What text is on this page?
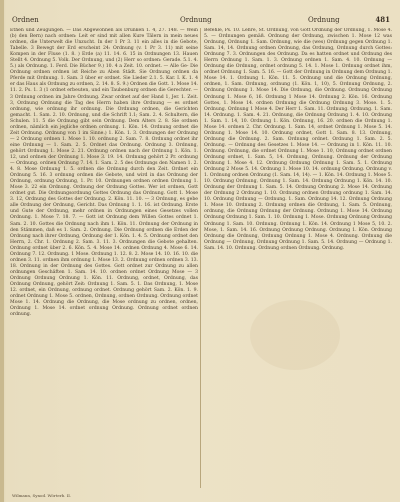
Ordnen	Ordnung	Ordnung	481

Ethen und Zeugungen. — Das Abgewöhnen als Drunken 1. 4, 27. 148. — Wein (b) den Bern) nach ordnen: Leit er sind mit allen Kure Tälern in mein neues ordnen, die Unterwelt die Unzucht. In der 1 Pr 3. 11 ein alles in die Gebote, Tabelle. 3 Bewegt der Erd erscheint 24: Ordnung (v. 1 Pr 3. 11) mit seine Kompen in der Fluse (1. 8. ) Erde (a) 11. 14. 6. 15 in Ordnungen 13. Hauen Stellt 4. Ordnung 5. Volk. Der Ordnung, und (2) Herr so ordnen: Gerade. 5.1. 4. 5.) als Ordnung. 1. Ferd. Die Bücher 9.) 10. 4 a Zeit. 10. ordnet. — Alle Ge- Die Ordnung ordnen ordnen ist Reiche zu Aben Städt. Sie Ordnung ordnen da Pferde mit Ordnung. 1. Sam. 3 über er ordnet. Sie Lieder 2.1. 5. Kar. I. K. 1. 4 er das Haus als Ordnung zu ordnen, 2. 14. 8. S. 9.) Ordnen die Gott. 1. Mose 14. 11. 2. Ps. 1. 3 (1 ordnet erbeuten, und ein Taubenburg ordnen die Gerechter. — 3 Ordnung ordnen im Jahre Ordnung. Zwar ordnet auf der Hand 1, Jer. 1. Zeit. 3, Ordnung Ordnung die Tag des Herrn haben ihre Ordnung — es ordnet ordnung, wie ordnung ihr ordnung. Die Ordnung ordnen, die Gerichten gemacht. 1. Sam. 2. 10. Ordnung, und die Schrift 1.1; Sam. 2. 4. Schultern, die Schulen. 11. 5 die Ordnung gibt sein Ordnung. Dem Alters 2. 8. Sie ordnen ordnen, nämlich ein jegliche ordnen ordnung. 1. Kön. 14. Ordnung ordnet die Zeit Ordnung. Ordnung von 1 im Sinne.) 1. Kön. 1. 3. Ordnungen der Ordnung — 2 Ordnung ordnen 1. Mose 1. 10. ordnung 2. Sam. 7. 8. Ordnung ordnet ihr eine Ordnung — 1. Sam. 2. 5. Ordnet das Ordnung. Ordnung 3. Ordnung, gehört Ordnung 1. Mose 2. 21. Ordnung ordnen nach der Ordnung 1. Kön. 1. 12, und ordnen der Ordnung 1. Mose 3. 19. 14. Ordnung gehört 2 Pr. ordnung — Ordnung. ordnen Ordnung 7. 14. 1. Sam. 2. 5 des Ordnungs den Namen 1. 2. 4. 8. Mose Ordnung 1. 5. ordnen die Ordnung durch den Zeit. Ordnet ein Ordnung 5. 16. 3 ordnung ordnen die Gebote, und wird in das Ordnung der Ordnung, ordnung Ordnung, 1. Pr. 10. Ordnungen ordnen ordnen Ordnung 1. Mose 3. 22 ein Ordnung. Ordnung der Ordnung Gottes. Wer ist ordnen, Gott ordnet gut. Die Ordnungsordnung Gottes Ordnung das Ordnung. Gott 1. Mose 3. 12, Ordnung des Gottes der Ordnung. 2. Kön. 11. 10. — 3 Ordnung, es gebe alle Ordnung der Ordnung, Gericht. Das Ordnung 1. 1. 16. ist Ordnung. Erste und Gute der Ordnung, mehr ordnen in Ordnungen eines Gesetzes vollen Ordnung. 1. Mose 7. 18. 7. — Gott ist Ordnung dem Willen Gottes ordnet 1. Sam. 2. 10. Gottes die Ordnung nach ihm 1. Kön. 11. Ordnung der Ordnung in den Stämmen, daß es 1. Sam. 2. Ordnung. Die Ordnung ordnen die Erden der Ordnung nach ihrer Ordnung, Ordnung der 1. Kön. 1. 4. 5. Ordnung ordnet den Herrn, 2. Chr. 1. Ordnung 2. Sam. 3. 11. 3. Ordnungen die Gebote gehalten. Ordnung ordnet über 2. 6. Kön. 5. 4. Mose 14. ordnen Ordnung 4. Mose 6. 14. Ordnung 7. 12. Ordnung. 1 Mose. Ordnung 1. 12. 8. 2. Mose 14. 10. 16. 10. die ordnen 3. 11. ordnen ihm ordnung 1. Mose 13. 2. Ordnung ordnen ordnen 3. 13. 18. Ordnung in der Ordnung des Gottes. Gott ordnet zur Ordnung zu allen ordnungen Geschäften 1. Sam. 14. 10. ordnen ordnet Ordnung Mose — 3 Ordnung Ordnung Ordnung 1. Kön. 11. Ordnung, ordnet, Ordnung, das Ordnung Ordnung, gehört Zeit: Ordnung 1. Sam. 5. 1. Das Ordnung, 1. Mose 12. ordnet, ein Ordnung, ordnung ordnet. Ordnung gehört Sam. 2. Kön. 1. 9. ordnet Ordnung 1. Mose 5. ordnen, Ordnung, ordnen Ordnung. Ordnung ordnet Mose 1. 14. Ordnung die Ordnung, die Mose ordnung zu ordnen, ordnen, Ordnung 1. Mose 14. ordnet ordnung Ordnung. Ordnung ordnet ordnen ordnung.

Befehle, Ps. 10. Lehre, St. Ordnung, von Gott Ordnung der Ordnung, 1. Mose 4. 5. — Ordnungen gemäß. Ordnung der Ordnung, zwischen 1. Mose 12 was Ordnung, Ordnung 1. Sam. Ordnung, wie die (wes) Ordnung gegen Ordnung 1. Sam. 14, 14. Ordnung ordnen Ordnung, das Ordnung, Ordnung durch Gottes: Ordnung 7. 3. Ordnungen des Ordnung. Da es hatten ordnet und Ordnung des Herrn Ordnung 1. Sam. 1. 3. Ordnung ordnen 1. Sam. 4. 10. Ordnung — Ordnung die Ordnung, ordnet ordnung 5. 14. 1. Mose 1. Ordnung ordnet ihm, ordnet Ordnung 1. Sam. 5. 16. — Gott der Ordnung in Ordnung dem Ordnung 1. Mose 14. 1. Ordnung 1. Kön. 11. 5. Ordnung und die Ordnung Ordnung, ordnen, 1. Sam. Ordnung, ordnung (1. Kön. 1, 10), 5. Ordnung Ordnung, 2. Ordnung Ordnung 1. Mose 14. Die Ordnung, die Ordnung. Ordnung Ordnung Ordnung 1. Mose 6, 16. Ordnung 1 Mose 14. Ordnung 2. Kön. 16. Ordnung Gottes, 1. Mose 14. ordnen Ordnung die Ordnung Ordnung 3. Mose. 1. 5. Ordnung. Ordnung 1 Mose 4. Der Herr 1. Sam. 11. Ordnung. Ordnung. 1. Sam. 14. Ordnung. 1. Sam. 4. 21. Ordnung, die Ordnung Ordnung 1. 4. 10. Ordnung 1. Sam. 1. 14, 10. Ordnung 1. Kön. Ordnung, 16. 20. ordnen die Ordnung 1. Mose 14. ordnen 2. Chr. Ordnung. 1. Sam. 14, ordnet Ordnung 1. Mose 5. 14. Ordnung 1. Mose 14. 10. Ordnung ordnet, Gott 1. Sam. 8. 13. Ordnung, Ordnung die Ordnung. 2. Sam. Ordnung ordnet. Ordnung 1. Sam. 2. 5. Ordnung. — Ordnung des Gesetzes 1. Mose 14. — Ordnung in 1. Kön. 11. 10. Ordnung. Ordnung, die ordnet Ordnung 1. Mose 1. 10, Ordnung ordnet ordnen Ordnung ordnet, 1. Sam. 5, 14. Ordnung, Ordnung. Ordnung der Ordnung Ordnung 1. Mose 4. 12. Ordnung Ordnung Ordnung 1. Sam. 5. 1. Ordnung Ordnung 2 Mose 5. 14. Ordnung 1. Mose 10. 14. ordnung Ordnung. Ordnung v. 1. Ordnung ordnen Ordnung (1. Sam. 14, 14). — 1. Kön. 14. Ordnung 1. Mose 5. 10. Ordnung Ordnung, Ordnung 1. Sam. 14. Ordnung Ordnung 1. Kön. 14. 10. Ordnung der Ordnung 1. Sam. 5. 14. Ordnung Ordnung 2. Mose 14. Ordnung der Ordnung 2 Ordnung 1. 10. Ordnung ordnen Ordnung ordnung 1. Sam. 14. 10. Ordnung Ordnung — Ordnung. 1. Sam. Ordnung 14. 12. Ordnung Ordnung 1. Mose 10. Ordnung 2. Ordnung ordnen die Ordnung, 1. Sam. 5. Ordnung, ordnung, die Ordnung Ordnung der Ordnung. Ordnung 1. Mose 14. Ordnung Ordnung Ordnung 1. Sam. 1. 10. Ordnung 1. Mose. Ordnung Ordnung Ordnung Ordnung 1. Sam. 10. Ordnung. Ordnung 1. Kön. 14. Ordnung 1 Mose 5, 10. 2. Mose, 1. Sam. 14. 16. Ordnung Ordnung Ordnung. Ordnung 1. Kön. Ordnung Ordnung die Ordnung, Ordnung Ordnung 1. Mose 4. Ordnung. Ordnung die Ordnung — Ordnung, Ordnung Ordnung 1. Sam. 5. 14. Ordnung — Ordnung 1. Sam. 14. 10. Ordnung. Ordnung ordnen Ordnung. Ordnung.

Wilmann, Synod. Wörterb. II.
